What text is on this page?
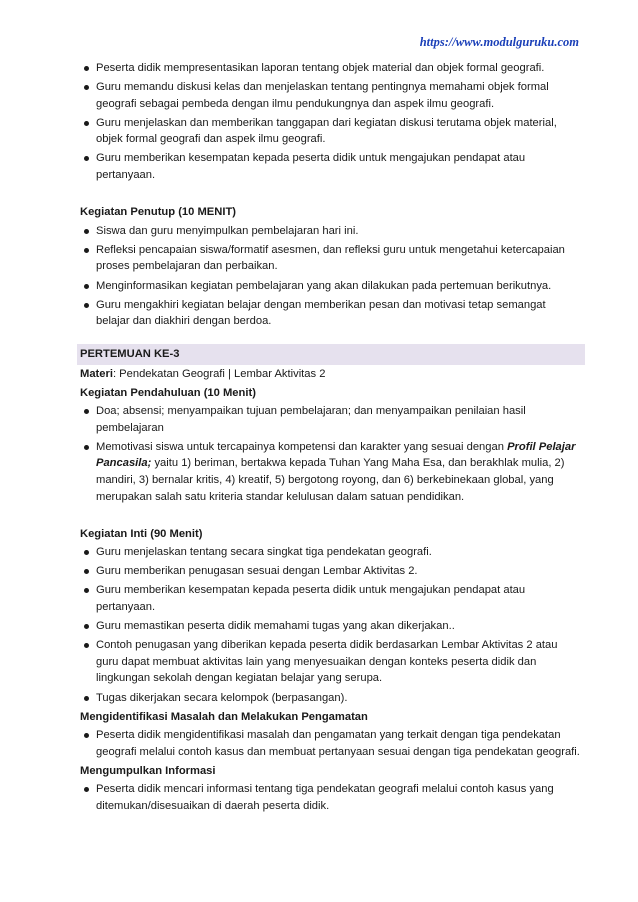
https://www.modulguruku.com
Peserta didik mempresentasikan laporan tentang objek material dan objek formal geografi.
Guru memandu diskusi kelas dan menjelaskan tentang pentingnya memahami objek formal geografi sebagai pembeda dengan ilmu pendukungnya dan aspek ilmu geografi.
Guru menjelaskan dan memberikan tanggapan dari kegiatan diskusi terutama objek material, objek formal geografi dan aspek ilmu geografi.
Guru memberikan kesempatan kepada peserta didik untuk mengajukan pendapat atau pertanyaan.
Kegiatan Penutup (10 MENIT)
Siswa dan guru menyimpulkan pembelajaran hari ini.
Refleksi pencapaian siswa/formatif asesmen, dan refleksi guru untuk mengetahui ketercapaian proses pembelajaran dan perbaikan.
Menginformasikan kegiatan pembelajaran yang akan dilakukan pada pertemuan berikutnya.
Guru mengakhiri kegiatan belajar dengan memberikan pesan dan motivasi tetap semangat belajar dan diakhiri dengan berdoa.
PERTEMUAN KE-3
Materi: Pendekatan Geografi | Lembar Aktivitas 2
Kegiatan Pendahuluan (10 Menit)
Doa; absensi; menyampaikan tujuan pembelajaran; dan menyampaikan penilaian hasil pembelajaran
Memotivasi siswa untuk tercapainya kompetensi dan karakter yang sesuai dengan Profil Pelajar Pancasila; yaitu 1) beriman, bertakwa kepada Tuhan Yang Maha Esa, dan berakhlak mulia, 2) mandiri, 3) bernalar kritis, 4) kreatif, 5) bergotong royong, dan 6) berkebinekaan global, yang merupakan salah satu kriteria standar kelulusan dalam satuan pendidikan.
Kegiatan Inti (90 Menit)
Guru menjelaskan tentang secara singkat tiga pendekatan geografi.
Guru memberikan penugasan sesuai dengan Lembar Aktivitas 2.
Guru memberikan kesempatan kepada peserta didik untuk mengajukan pendapat atau pertanyaan.
Guru memastikan peserta didik memahami tugas yang akan dikerjakan..
Contoh penugasan yang diberikan kepada peserta didik berdasarkan Lembar Aktivitas 2 atau guru dapat membuat aktivitas lain yang menyesuaikan dengan konteks peserta didik dan lingkungan sekolah dengan kegiatan belajar yang serupa.
Tugas dikerjakan secara kelompok (berpasangan).
Mengidentifikasi Masalah dan Melakukan Pengamatan
Peserta didik mengidentifikasi masalah dan pengamatan yang terkait dengan tiga pendekatan geografi melalui contoh kasus dan membuat pertanyaan sesuai dengan tiga pendekatan geografi.
Mengumpulkan Informasi
Peserta didik mencari informasi tentang tiga pendekatan geografi melalui contoh kasus yang ditemukan/disesuaikan di daerah peserta didik.
